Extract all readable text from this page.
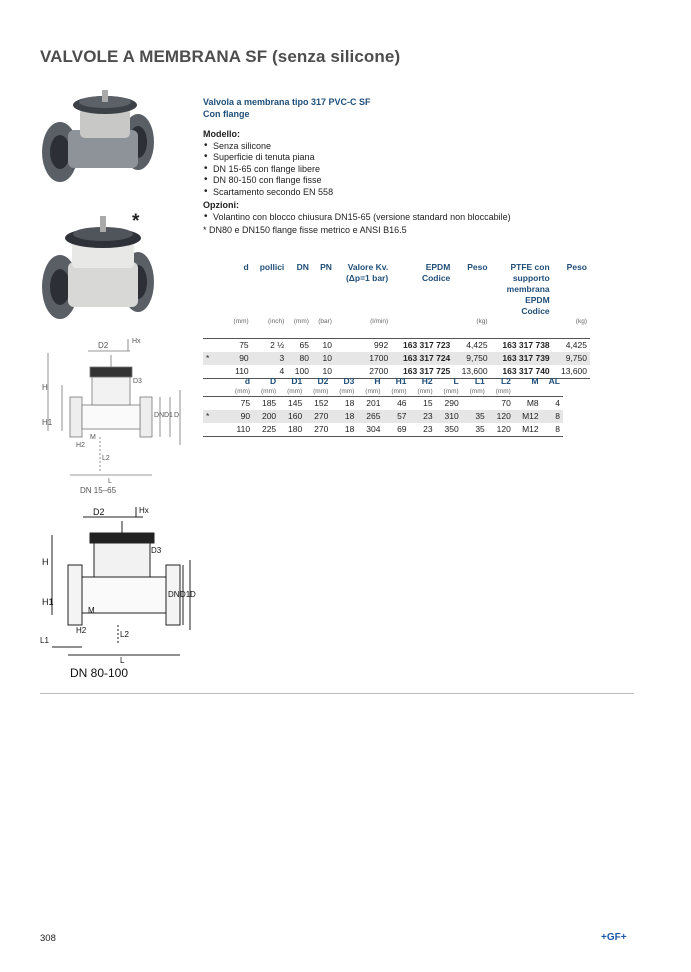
VALVOLE A MEMBRANA SF (senza silicone)
*
D2	Hx
H
H1
D3
DN D1 D
H2
M
L2
L
DN 15–65
D2	Hx
H
H1
D3
DN D1 D
H2
M
L2
L1
L
DN 80-100
Valvola a membrana tipo 317 PVC-C SF
Con flange
Modello:
• Senza silicone
• Superficie di tenuta piana
• DN 15-65 con flange libere
• DN 80-150 con flange fisse
• Scartamento secondo EN 558
Opzioni:
• Volantino con blocco chiusura DN15-65 (versione standard non bloccabile)
* DN80 e DN150 flange fisse metrico e ANSI B16.5
	d	pollici	DN	PN	Valore Kv.
(Δp=1 bar)	EPDM
Codice	Peso	PTFE con
supporto
membrana
EPDM
Codice	Peso
	(mm)	(inch)	(mm)	(bar)	(l/min)		(kg)		(kg)

	75	2 ½	65	10	992	163 317 723	4,425	163 317 738	4,425
*	90	3	80	10	1700	163 317 724	9,750	163 317 739	9,750
	110	4	100	10	2700	163 317 725	13,600	163 317 740	13,600
	d	D	D1	D2	D3	H	H1	H2	L	L1	L2	M	AL
	(mm)	(mm)	(mm)	(mm)	(mm)	(mm)	(mm)	(mm)	(mm)	(mm)	(mm)		
	75	185	145	152	18	201	46	15	290		70	M8	4
*	90	200	160	270	18	265	57	23	310	35	120	M12	8
	110	225	180	270	18	304	69	23	350	35	120	M12	8
308	+GF+
